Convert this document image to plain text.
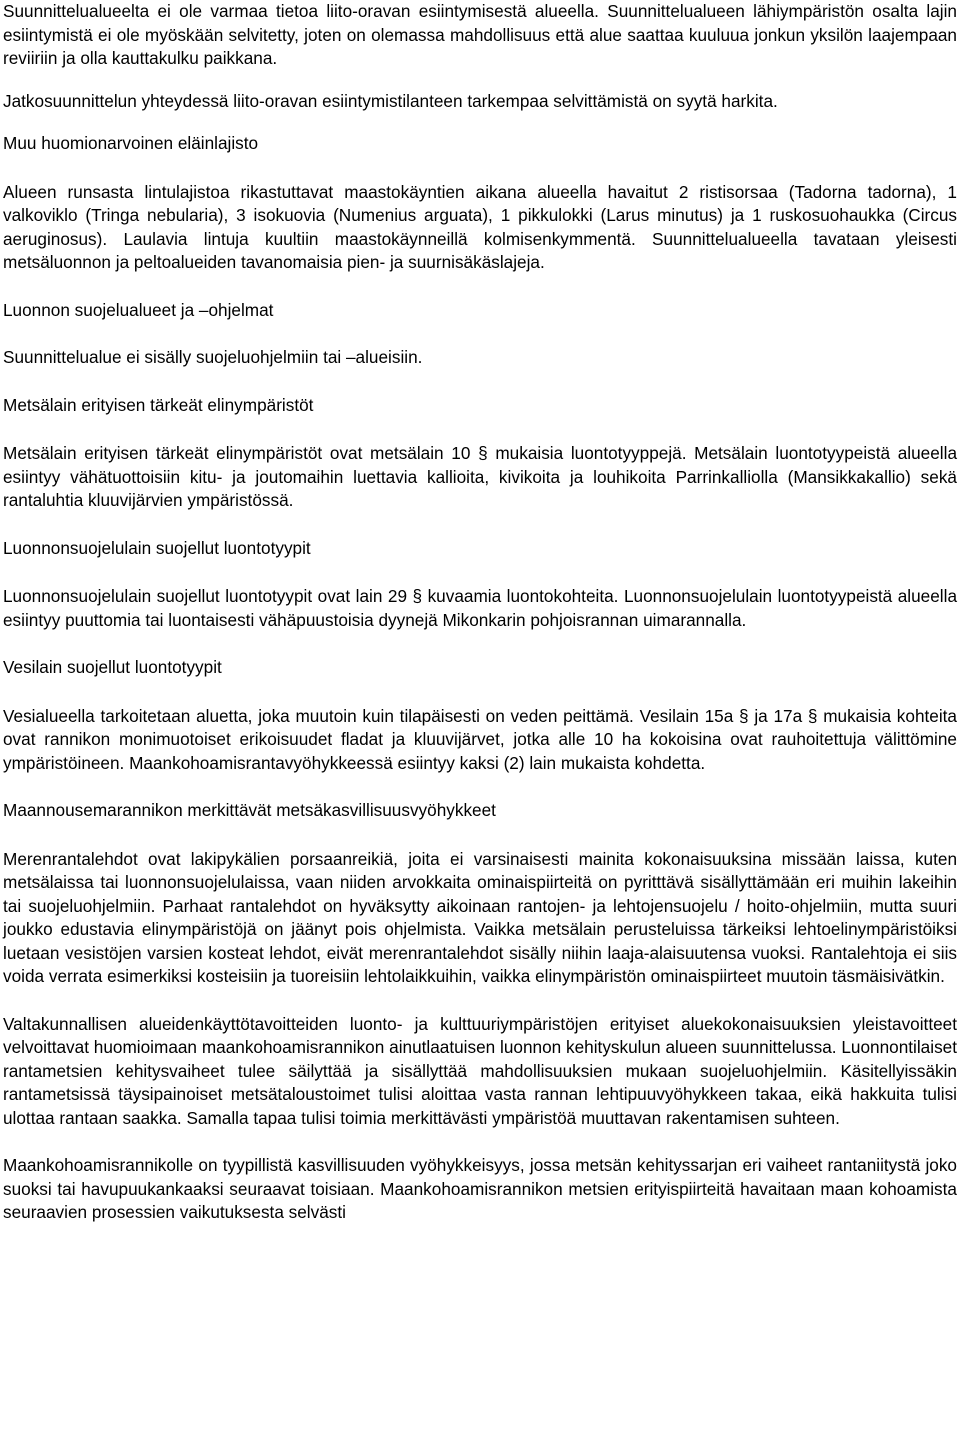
Suunnittelualueelta ei ole varmaa tietoa liito-oravan esiintymisestä alueella. Suunnittelualueen lähiympäristön osalta lajin esiintymistä ei ole myöskään selvitetty, joten on olemassa mahdollisuus että alue saattaa kuuluua jonkun yksilön laajempaan reviiriin ja olla kauttakulku paikkana.

Jatkosuunnittelun yhteydessä liito-oravan esiintymistilanteen tarkempaa selvittämistä on syytä harkita.

Muu huomionarvoinen eläinlajisto

Alueen runsasta lintulajistoa rikastuttavat maastokäyntien aikana alueella havaitut 2 ristisorsaa (Tadorna tadorna), 1 valkoviklo (Tringa nebularia), 3 isokuovia (Numenius arguata), 1 pikkulokki (Larus minutus) ja 1 ruskosuohaukka (Circus aeruginosus). Laulavia lintuja kuultiin maastokäynneillä kolmisenkymmentä. Suunnittelualueella tavataan yleisesti metsäluonnon ja peltoalueiden tavanomaisia pien- ja suurnisäkäslajeja.

Luonnon suojelualueet ja –ohjelmat

Suunnittelualue ei sisälly suojeluohjelmiin tai –alueisiin.

Metsälain erityisen tärkeät elinympäristöt

Metsälain erityisen tärkeät elinympäristöt ovat metsälain 10 § mukaisia luontotyyppejä. Metsälain luontotyypeistä alueella esiintyy vähätuottoisiin kitu- ja joutomaihin luettavia kallioita, kivikoita ja louhikoita Parrinkalliolla (Mansikkakallio) sekä rantaluhtia kluuvijärvien ympäristössä.

Luonnonsuojelulain suojellut luontotyypit

Luonnonsuojelulain suojellut luontotyypit ovat lain 29 § kuvaamia luontokohteita. Luonnonsuojelulain luontotyypeistä alueella esiintyy puuttomia tai luontaisesti vähäpuustoisia dyynejä Mikonkarin pohjoisrannan uimarannalla.

Vesilain suojellut luontotyypit

Vesialueella tarkoitetaan aluetta, joka muutoin kuin tilapäisesti on veden peittämä. Vesilain 15a § ja 17a § mukaisia kohteita ovat rannikon monimuotoiset erikoisuudet fladat ja kluuvijärvet, jotka alle 10 ha kokoisina ovat rauhoitettuja välittömine ympäristöineen. Maankohoamisrantavyöhykkeessä esiintyy kaksi (2) lain mukaista kohdetta.

Maannousemarannikon merkittävät metsäkasvillisuusvyöhykkeet

Merenrantalehdot ovat lakipykälien porsaanreikiä, joita ei varsinaisesti mainita kokonaisuuksina missään laissa, kuten metsälaissa tai luonnonsuojelulaissa, vaan niiden arvokkaita ominaispiirteitä on pyritttävä sisällyttämään eri muihin lakeihin tai suojeluohjelmiin. Parhaat rantalehdot on hyväksytty aikoinaan rantojen- ja lehtojensuojelu / hoito-ohjelmiin, mutta suuri joukko edustavia elinympäristöjä on jäänyt pois ohjelmista. Vaikka metsälain perusteluissa tärkeiksi lehtoelinympäristöiksi luetaan vesistöjen varsien kosteat lehdot, eivät merenrantalehdot sisälly niihin laaja-alaisuutensa vuoksi. Rantalehtoja ei siis voida verrata esimerkiksi kosteisiin ja tuoreisiin lehtolaikkuihin, vaikka elinympäristön ominaispiirteet muutoin täsmäisivätkin.

Valtakunnallisen alueidenkäyttötavoitteiden luonto- ja kulttuuriympäristöjen erityiset aluekokonaisuuksien yleistavoitteet velvoittavat huomioimaan maankohoamisrannikon ainutlaatuisen luonnon kehityskulun alueen suunnittelussa. Luonnontilaiset rantametsien kehitysvaiheet tulee säilyttää ja sisällyttää mahdollisuuksien mukaan suojeluohjelmiin. Käsitellyissäkin rantametsissä täysipainoiset metsätaloustoimet tulisi aloittaa vasta rannan lehtipuuvyöhykkeen takaa, eikä hakkuita tulisi ulottaa rantaan saakka. Samalla tapaa tulisi toimia merkittävästi ympäristöä muuttavan rakentamisen suhteen.

Maankohoamisrannikolle on tyypillistä kasvillisuuden vyöhykkeisyys, jossa metsän kehityssarjan eri vaiheet rantaniitystä joko suoksi tai havupuukankaaksi seuraavat toisiaan. Maankohoamisrannikon metsien erityispiirteitä havaitaan maan kohoamista seuraavien prosessien vaikutuksesta selvästi
